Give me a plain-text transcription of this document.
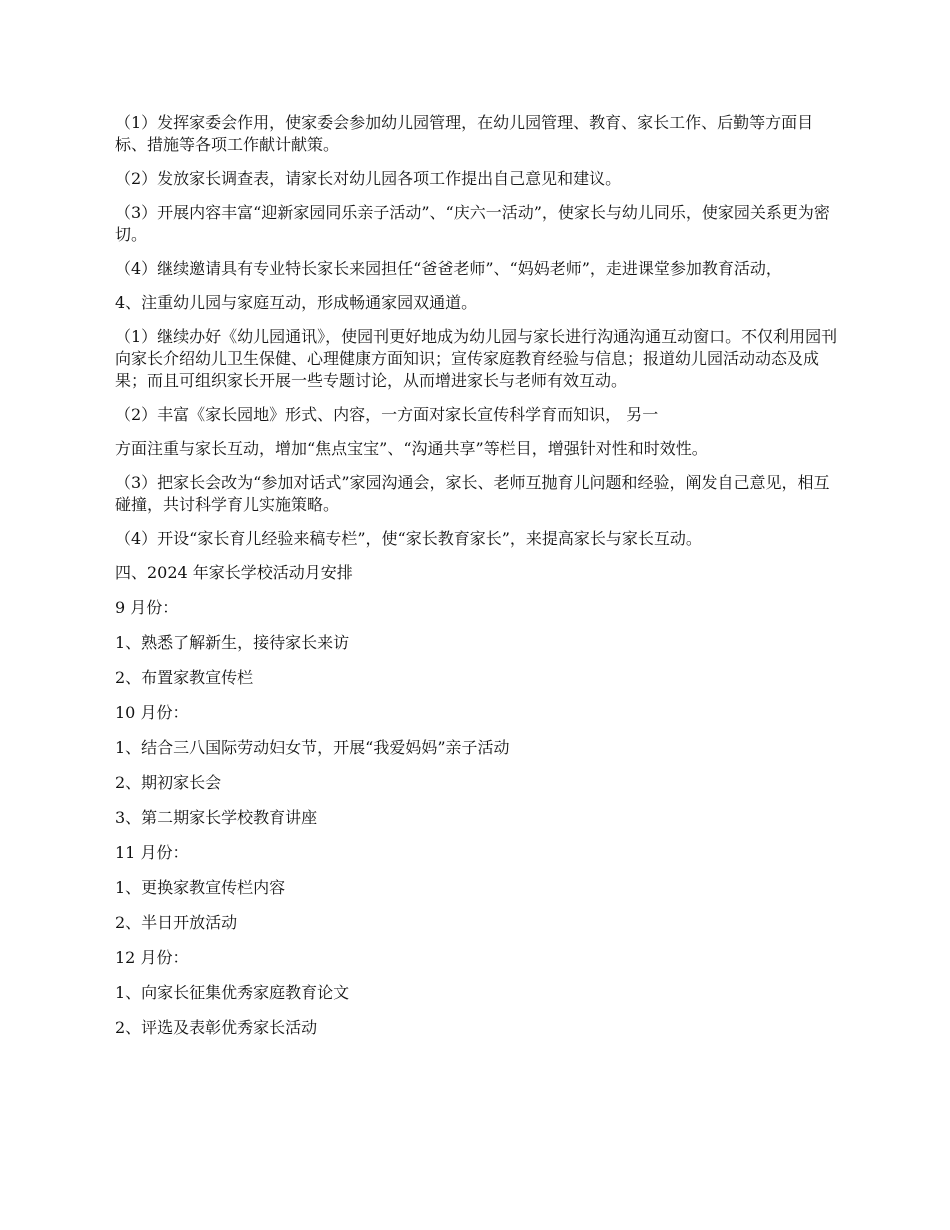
（1）发挥家委会作用，使家委会参加幼儿园管理，在幼儿园管理、教育、家长工作、后勤等方面目标、措施等各项工作献计献策。

（2）发放家长调查表，请家长对幼儿园各项工作提出自己意见和建议。

（3）开展内容丰富“迎新家园同乐亲子活动”、“庆六一活动”，使家长与幼儿同乐，使家园关系更为密切。

（4）继续邀请具有专业特长家长来园担任“爸爸老师”、“妈妈老师”，走进课堂参加教育活动，

4、注重幼儿园与家庭互动，形成畅通家园双通道。

（1）继续办好《幼儿园通讯》，使园刊更好地成为幼儿园与家长进行沟通沟通互动窗口。不仅利用园刊向家长介绍幼儿卫生保健、心理健康方面知识；宣传家庭教育经验与信息；报道幼儿园活动动态及成果；而且可组织家长开展一些专题讨论，从而增进家长与老师有效互动。

（2）丰富《家长园地》形式、内容，一方面对家长宣传科学育而知识， 另一

方面注重与家长互动，增加“焦点宝宝”、“沟通共享”等栏目，增强针对性和时效性。

（3）把家长会改为“参加对话式”家园沟通会，家长、老师互抛育儿问题和经验，阐发自己意见，相互碰撞，共讨科学育儿实施策略。

（4）开设“家长育儿经验来稿专栏”，使“家长教育家长”，来提高家长与家长互动。

四、2024 年家长学校活动月安排

9 月份：

1、熟悉了解新生，接待家长来访

2、布置家教宣传栏

10 月份：

1、结合三八国际劳动妇女节，开展“我爱妈妈”亲子活动

2、期初家长会

3、第二期家长学校教育讲座

11 月份：

1、更换家教宣传栏内容

2、半日开放活动

12 月份：

1、向家长征集优秀家庭教育论文

2、评选及表彰优秀家长活动
